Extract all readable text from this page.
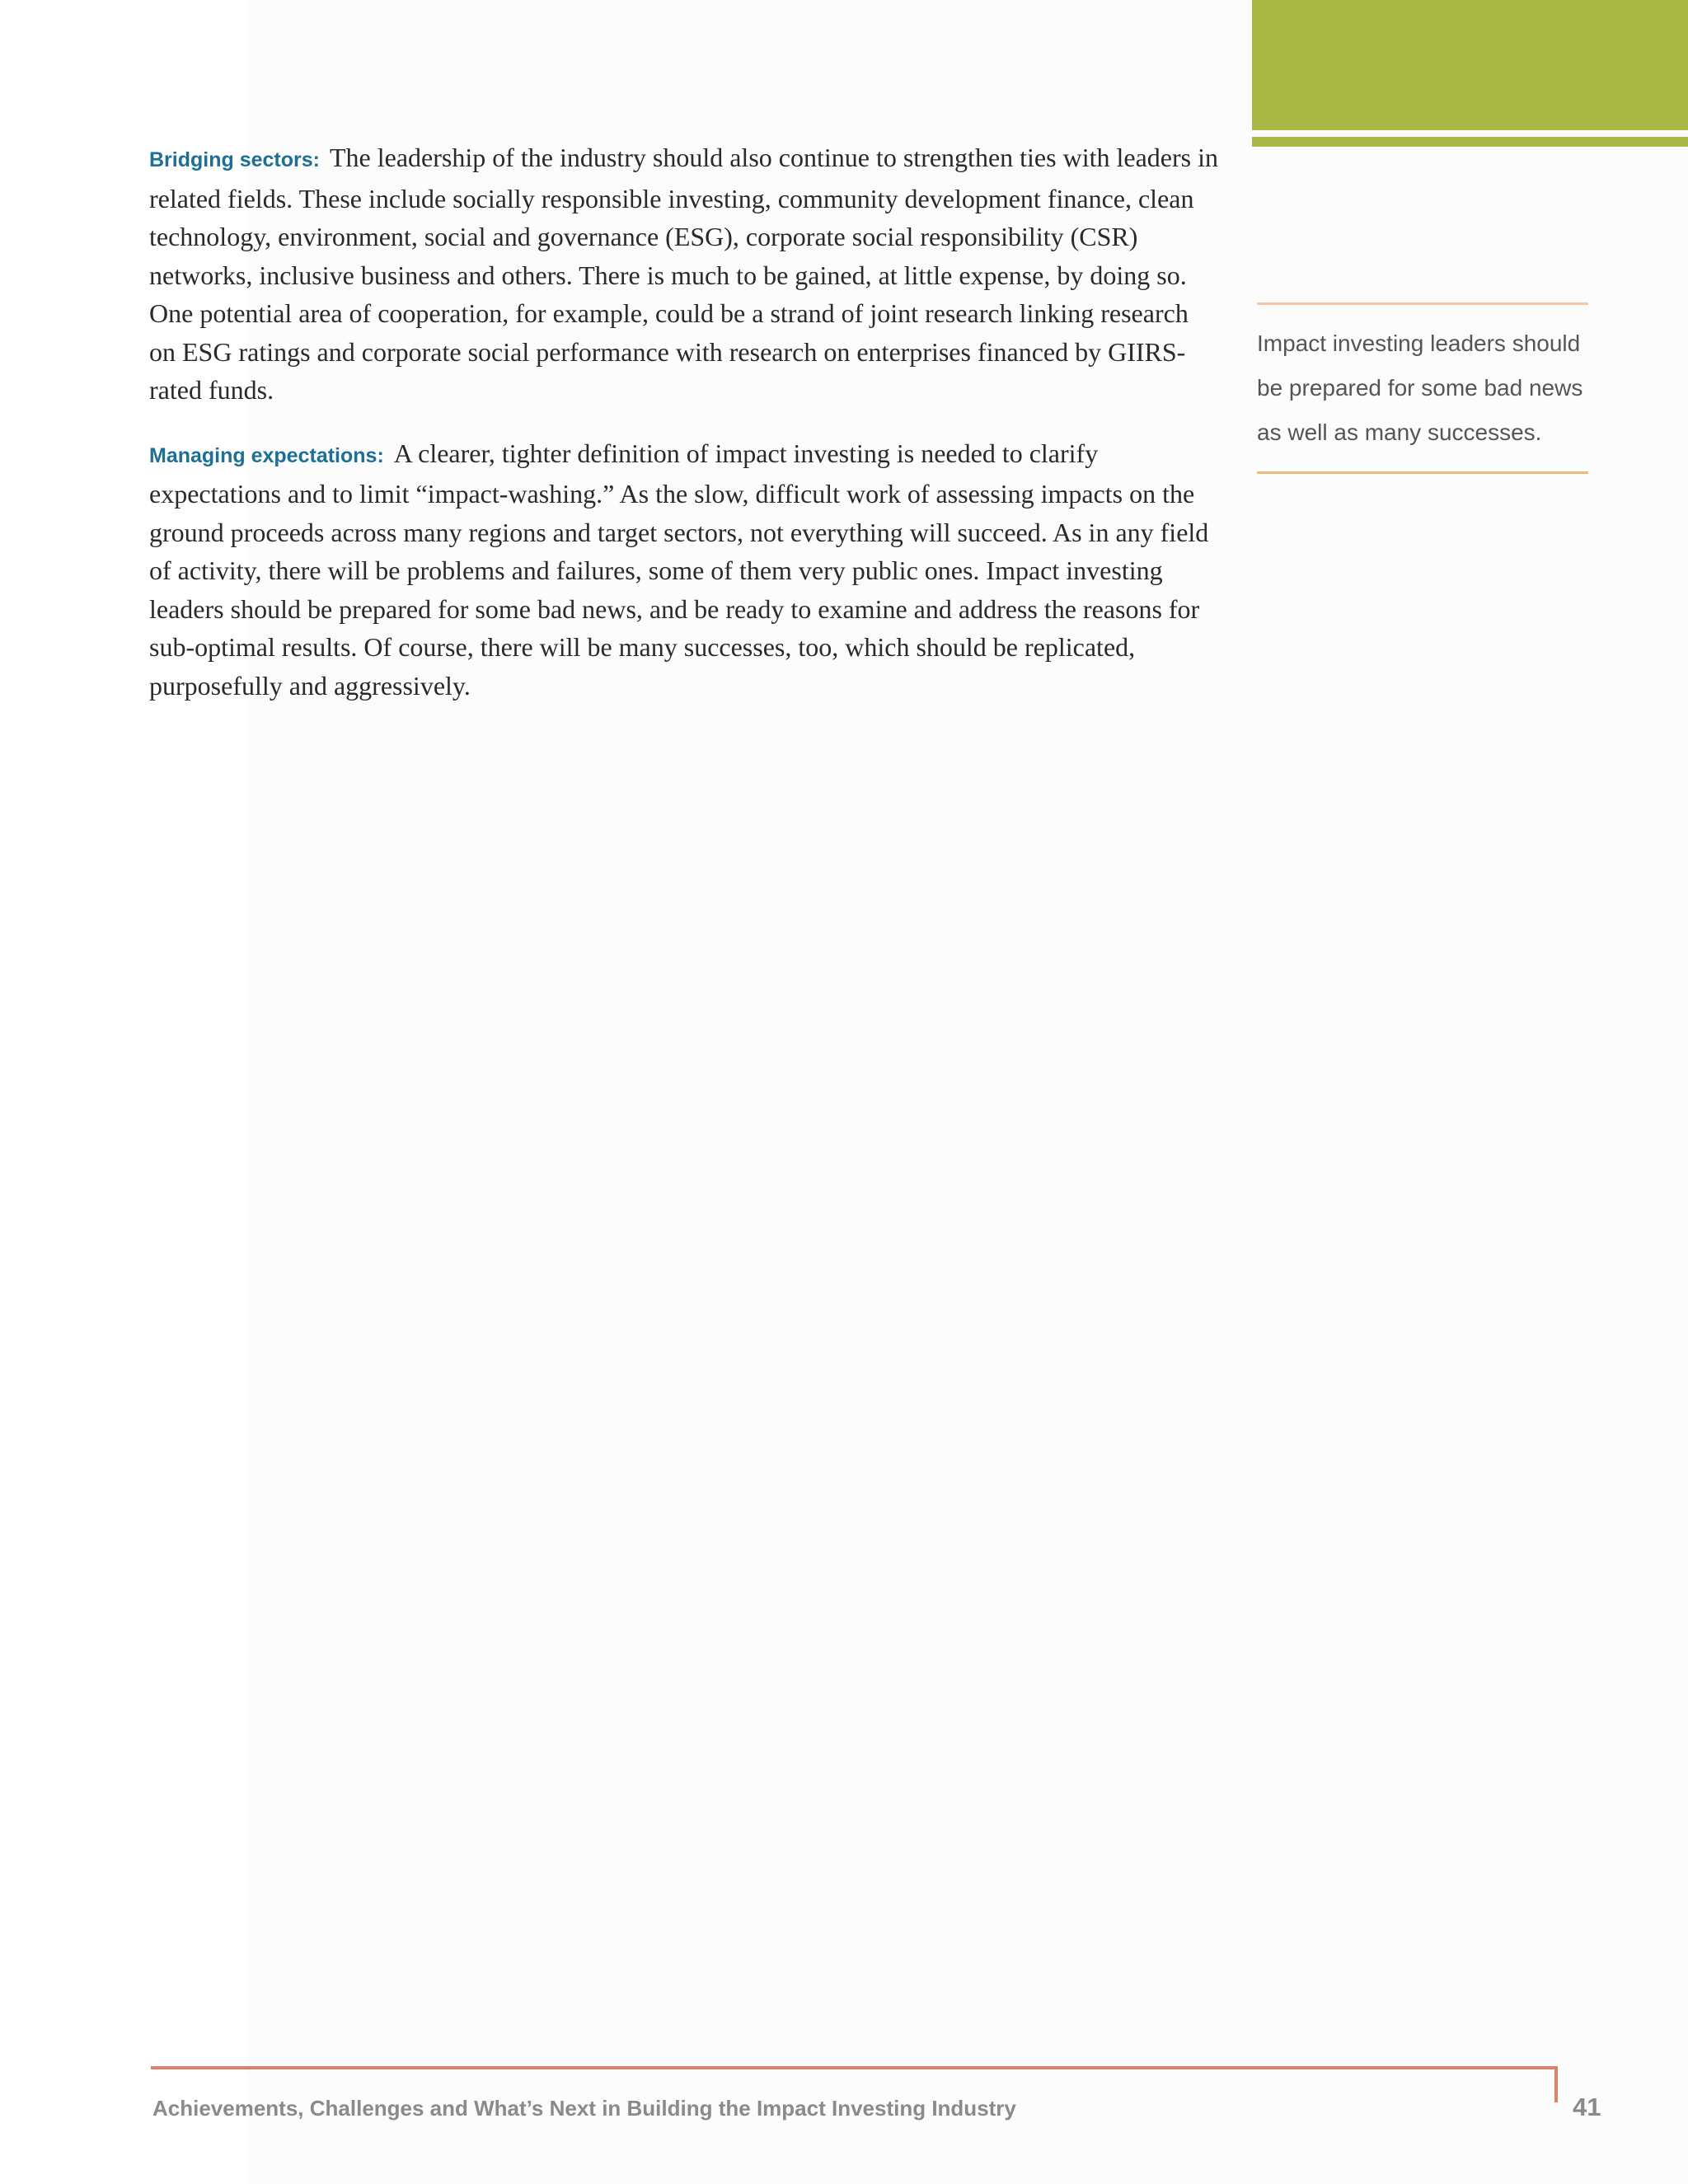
Bridging sectors: The leadership of the industry should also continue to strengthen ties with leaders in related fields. These include socially responsible investing, community development finance, clean technology, environment, social and governance (ESG), corporate social responsibility (CSR) networks, inclusive business and others. There is much to be gained, at little expense, by doing so. One potential area of cooperation, for example, could be a strand of joint research linking research on ESG ratings and corporate social performance with research on enterprises financed by GIIRS-rated funds.

Managing expectations: A clearer, tighter definition of impact investing is needed to clarify expectations and to limit “impact-washing.” As the slow, difficult work of assessing impacts on the ground proceeds across many regions and target sectors, not everything will succeed. As in any field of activity, there will be problems and failures, some of them very public ones. Impact investing leaders should be prepared for some bad news, and be ready to examine and address the reasons for sub-optimal results. Of course, there will be many successes, too, which should be replicated, purposefully and aggressively.

Impact investing leaders should be prepared for some bad news as well as many successes.

Achievements, Challenges and What’s Next in Building the Impact Investing Industry	41
